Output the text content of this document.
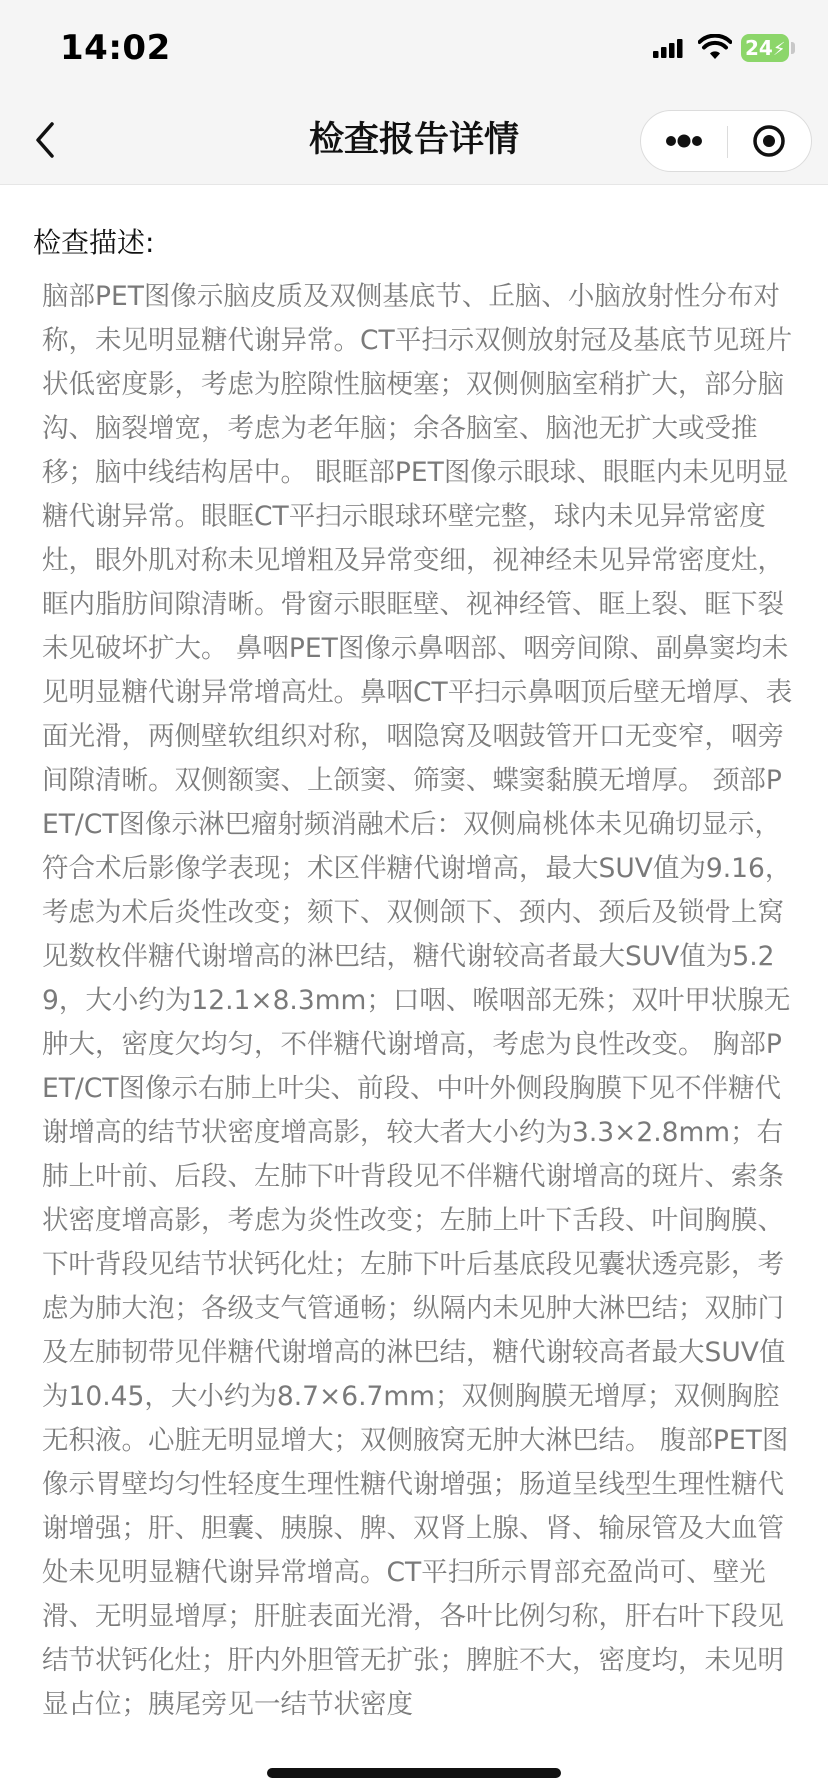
14:02	24⚡
检查报告详情
检查描述:

脑部PET图像示脑皮质及双侧基底节、丘脑、小脑放射性分布对称，未见明显糖代谢异常。CT平扫示双侧放射冠及基底节见斑片状低密度影，考虑为腔隙性脑梗塞；双侧侧脑室稍扩大，部分脑沟、脑裂增宽，考虑为老年脑；余各脑室、脑池无扩大或受推移；脑中线结构居中。 眼眶部PET图像示眼球、眼眶内未见明显糖代谢异常。眼眶CT平扫示眼球环壁完整，球内未见异常密度灶，眼外肌对称未见增粗及异常变细，视神经未见异常密度灶，眶内脂肪间隙清晰。骨窗示眼眶壁、视神经管、眶上裂、眶下裂未见破坏扩大。 鼻咽PET图像示鼻咽部、咽旁间隙、副鼻窦均未见明显糖代谢异常增高灶。鼻咽CT平扫示鼻咽顶后壁无增厚、表面光滑，两侧壁软组织对称，咽隐窝及咽鼓管开口无变窄，咽旁间隙清晰。双侧额窦、上颌窦、筛窦、蝶窦黏膜无增厚。 颈部PET/CT图像示淋巴瘤射频消融术后：双侧扁桃体未见确切显示，符合术后影像学表现；术区伴糖代谢增高，最大SUV值为9.16，考虑为术后炎性改变；颏下、双侧颌下、颈内、颈后及锁骨上窝见数枚伴糖代谢增高的淋巴结，糖代谢较高者最大SUV值为5.29，大小约为12.1×8.3mm；口咽、喉咽部无殊；双叶甲状腺无肿大，密度欠均匀，不伴糖代谢增高，考虑为良性改变。 胸部PET/CT图像示右肺上叶尖、前段、中叶外侧段胸膜下见不伴糖代谢增高的结节状密度增高影，较大者大小约为3.3×2.8mm；右肺上叶前、后段、左肺下叶背段见不伴糖代谢增高的斑片、索条状密度增高影，考虑为炎性改变；左肺上叶下舌段、叶间胸膜、下叶背段见结节状钙化灶；左肺下叶后基底段见囊状透亮影，考虑为肺大泡；各级支气管通畅；纵隔内未见肿大淋巴结；双肺门及左肺韧带见伴糖代谢增高的淋巴结，糖代谢较高者最大SUV值为10.45，大小约为8.7×6.7mm；双侧胸膜无增厚；双侧胸腔无积液。心脏无明显增大；双侧腋窝无肿大淋巴结。 腹部PET图像示胃壁均匀性轻度生理性糖代谢增强；肠道呈线型生理性糖代谢增强；肝、胆囊、胰腺、脾、双肾上腺、肾、输尿管及大血管处未见明显糖代谢异常增高。CT平扫所示胃部充盈尚可、壁光滑、无明显增厚；肝脏表面光滑，各叶比例匀称，肝右叶下段见结节状钙化灶；肝内外胆管无扩张；脾脏不大，密度均，未见明显占位；胰尾旁见一结节状密度
